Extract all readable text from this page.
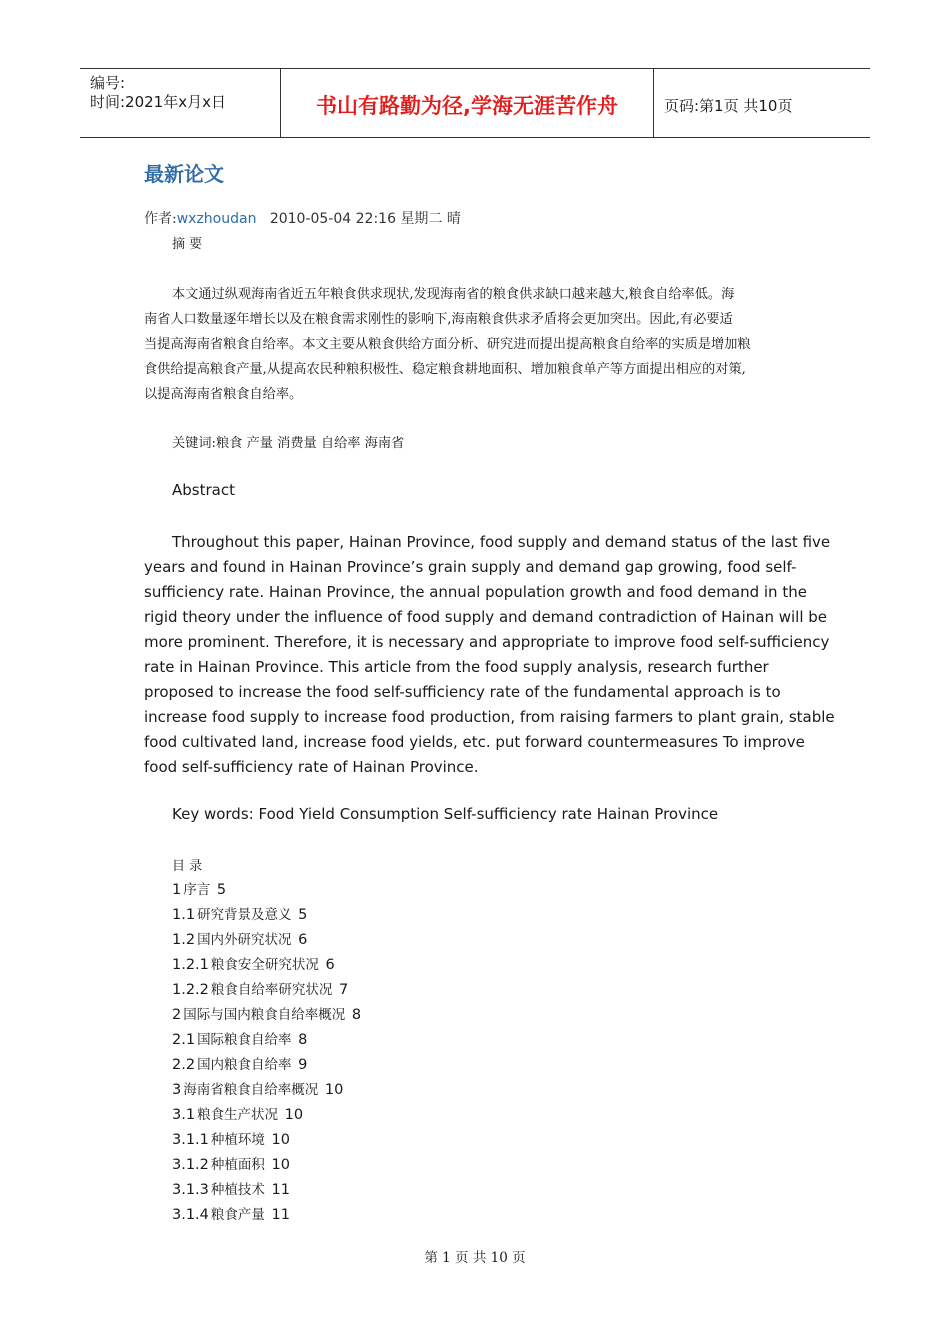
编号:
时间:2021年x月x日	书山有路勤为径,学海无涯苦作舟	页码:第1页 共10页
最新论文
作者:wxzhoudan 2010-05-04 22:16 星期二 晴
摘 要
本文通过纵观海南省近五年粮食供求现状,发现海南省的粮食供求缺口越来越大,粮食自给率低。海
南省人口数量逐年增长以及在粮食需求刚性的影响下,海南粮食供求矛盾将会更加突出。因此,有必要适
当提高海南省粮食自给率。本文主要从粮食供给方面分析、研究进而提出提高粮食自给率的实质是增加粮
食供给提高粮食产量,从提高农民种粮积极性、稳定粮食耕地面积、增加粮食单产等方面提出相应的对策,
以提高海南省粮食自给率。
关键词:粮食 产量 消费量 自给率 海南省
Abstract
Throughout this paper, Hainan Province, food supply and demand status of the last five
years and found in Hainan Province’s grain supply and demand gap growing, food self-
sufficiency rate. Hainan Province, the annual population growth and food demand in the
rigid theory under the influence of food supply and demand contradiction of Hainan will be
more prominent. Therefore, it is necessary and appropriate to improve food self-sufficiency
rate in Hainan Province. This article from the food supply analysis, research further
proposed to increase the food self-sufficiency rate of the fundamental approach is to
increase food supply to increase food production, from raising farmers to plant grain, stable
food cultivated land, increase food yields, etc. put forward countermeasures To improve
food self-sufficiency rate of Hainan Province.
Key words: Food Yield Consumption Self-sufficiency rate Hainan Province
目 录
1 序言 5
1.1 研究背景及意义 5
1.2 国内外研究状况 6
1.2.1 粮食安全研究状况 6
1.2.2 粮食自给率研究状况 7
2 国际与国内粮食自给率概况 8
2.1 国际粮食自给率 8
2.2 国内粮食自给率 9
3 海南省粮食自给率概况 10
3.1 粮食生产状况 10
3.1.1 种植环境 10
3.1.2 种植面积 10
3.1.3 种植技术 11
3.1.4 粮食产量 11
第 1 页 共 10 页
